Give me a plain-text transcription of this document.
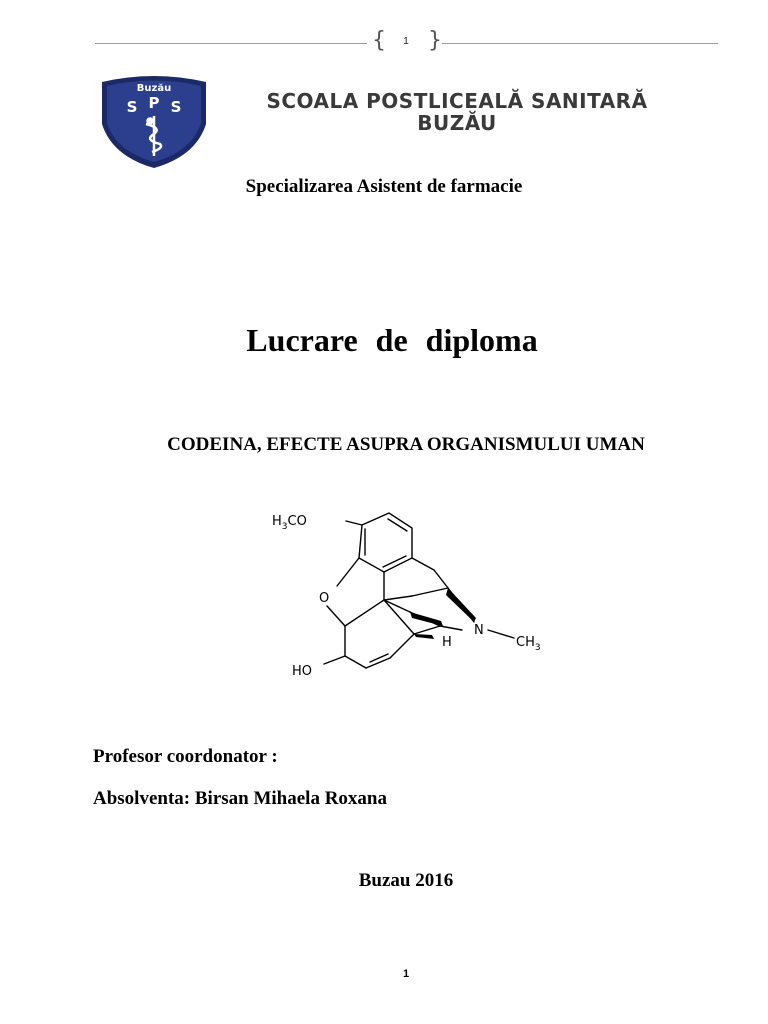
{	1 }
Buzău
S P S	SCOALA POSTLICEALĂ SANITARĂ
BUZĂU
Specializarea Asistent de farmacie
Lucrare de diploma
CODEINA, EFECTE ASUPRA ORGANISMULUI UMAN
$H_3CO$
O
N
H	$CH_3$
HO
Profesor coordonator :
Absolventa: Birsan Mihaela Roxana
Buzau 2016
1
